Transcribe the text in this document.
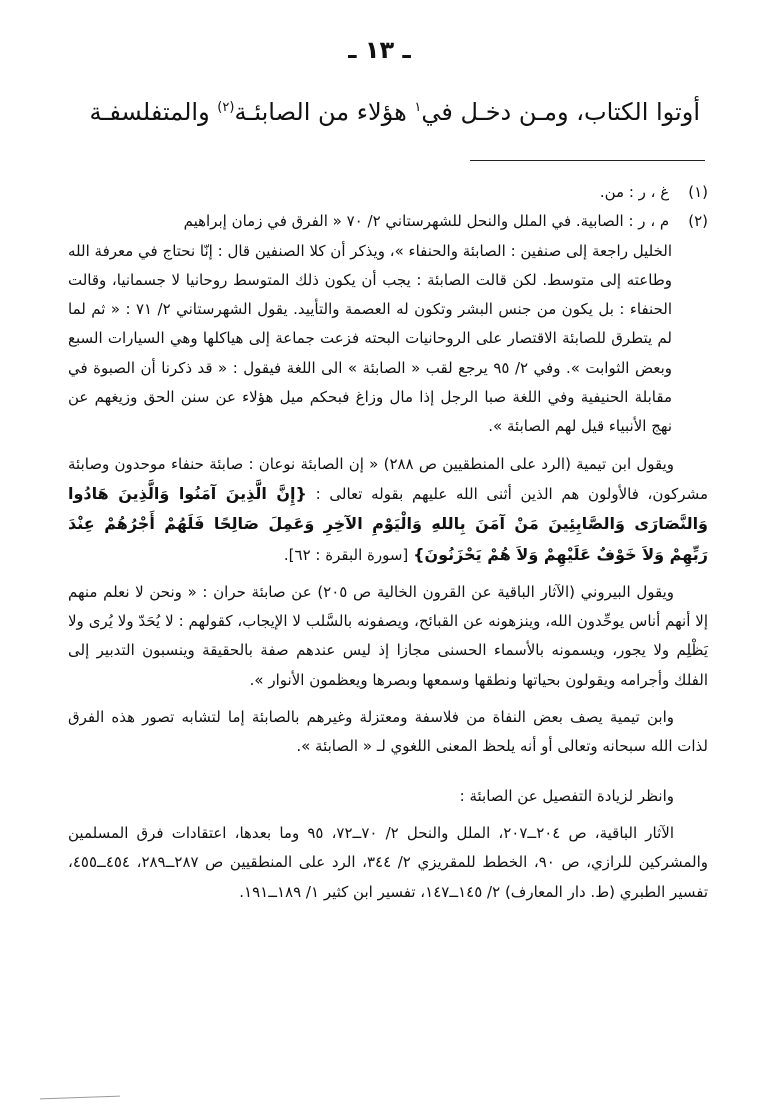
ـ ١٣ ـ
أوتوا الكتاب، ومـن دخـل في$^١$ هؤلاء من الصابئـة$^{(٢)}$ والمتفلسفـة

(١) غ ، ر : من.

(٢) م ، ر : الصابية. في الملل والنحل للشهرستاني ٢/ ٧٠ « الفرق في زمان إبراهيم

الخليل راجعة إلى صنفين : الصابئة والحنفاء »، ويذكر أن كلا الصنفين قال : إنّا نحتاج في معرفة الله وطاعته إلى متوسط. لكن قالت الصابئة : يجب أن يكون ذلك المتوسط روحانيا لا جسمانيا، وقالت الحنفاء : بل يكون من جنس البشر وتكون له العصمة والتأييد. يقول الشهرستاني ٢/ ٧١ : « ثم لما لم يتطرق للصابئة الاقتصار على الروحانيات البحته فزعت جماعة إلى هياكلها وهي السيارات السبع وبعض الثوابت ». وفي ٢/ ٩٥ يرجع لقب « الصابئة » الى اللغة فيقول : « قد ذكرنا أن الصبوة في مقابلة الحنيفية وفي اللغة صبا الرجل إذا مال وزاغ فبحكم ميل هؤلاء عن سنن الحق وزيغهم عن نهج الأنبياء قيل لهم الصابئة ».

ويقول ابن تيمية (الرد على المنطقيين ص ٢٨٨) « إن الصابئة نوعان : صابئة حنفاء موحدون وصابئة مشركون، فالأولون هم الذين أثنى الله عليهم بقوله تعالى : {إِنَّ الَّذِينَ آمَنُوا وَالَّذِينَ هَادُوا وَالنَّصَارَى وَالصَّابِئِينَ مَنْ آمَنَ بِاللهِ وَالْيَوْمِ الآخِرِ وَعَمِلَ صَالِحًا فَلَهُمْ أَجْرُهُمْ عِنْدَ رَبِّهِمْ وَلاَ خَوْفٌ عَلَيْهِمْ وَلاَ هُمْ يَحْزَنُونَ} [سورة البقرة : ٦٢].

ويقول البيروني (الآثار الباقية عن القرون الخالية ص ٢٠٥) عن صابئة حران : « ونحن لا نعلم منهم إلا أنهم أناس يوحِّدون الله، وينزهونه عن القبائح، ويصفونه بالسَّلب لا الإيجاب، كقولهم : لا يُحَدّ ولا يُرى ولا يَظْلِم ولا يجور، ويسمونه بالأسماء الحسنى مجازا إذ ليس عندهم صفة بالحقيقة وينسبون التدبير إلى الفلك وأجرامه ويقولون بحياتها ونطقها وسمعها وبصرها ويعظمون الأنوار ».

وابن تيمية يصف بعض النفاة من فلاسفة ومعتزلة وغيرهم بالصابئة إما لتشابه تصور هذه الفرق لذات الله سبحانه وتعالى أو أنه يلحظ المعنى اللغوي لـ « الصابئة ».

وانظر لزيادة التفصيل عن الصابئة :

الآثار الباقية، ص ٢٠٤ــ٢٠٧، الملل والنحل ٢/ ٧٠ــ٧٢، ٩٥ وما بعدها، اعتقادات فرق المسلمين والمشركين للرازي، ص ٩٠، الخطط للمقريزي ٢/ ٣٤٤، الرد على المنطقيين ص ٢٨٧ــ٢٨٩، ٤٥٤ــ٤٥٥، تفسير الطبري (ط. دار المعارف) ٢/ ١٤٥ــ١٤٧، تفسير ابن كثير ١/ ١٨٩ــ١٩١.
